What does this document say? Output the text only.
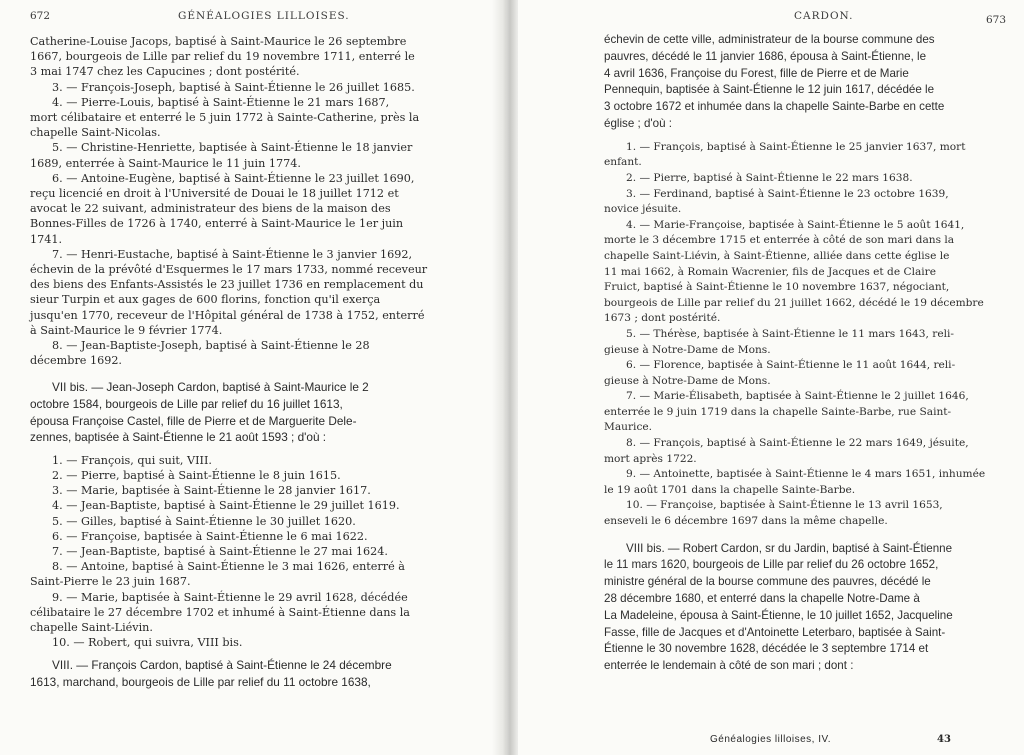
672	GÉNÉALOGIES LILLOISES.

Catherine-Louise Jacops, baptisé à Saint-Maurice le 26 septembre

1667, bourgeois de Lille par relief du 19 novembre 1711, enterré le

3 mai 1747 chez les Capucines ; dont postérité.

3. — François-Joseph, baptisé à Saint-Étienne le 26 juillet 1685.

4. — Pierre-Louis, baptisé à Saint-Étienne le 21 mars 1687,

mort célibataire et enterré le 5 juin 1772 à Sainte-Catherine, près la

chapelle Saint-Nicolas.

5. — Christine-Henriette, baptisée à Saint-Étienne le 18 janvier

1689, enterrée à Saint-Maurice le 11 juin 1774.

6. — Antoine-Eugène, baptisé à Saint-Étienne le 23 juillet 1690,

reçu licencié en droit à l'Université de Douai le 18 juillet 1712 et

avocat le 22 suivant, administrateur des biens de la maison des

Bonnes-Filles de 1726 à 1740, enterré à Saint-Maurice le 1er juin

1741.

7. — Henri-Eustache, baptisé à Saint-Étienne le 3 janvier 1692,

échevin de la prévôté d'Esquermes le 17 mars 1733, nommé receveur

des biens des Enfants-Assistés le 23 juillet 1736 en remplacement du

sieur Turpin et aux gages de 600 florins, fonction qu'il exerça

jusqu'en 1770, receveur de l'Hôpital général de 1738 à 1752, enterré

à Saint-Maurice le 9 février 1774.

8. — Jean-Baptiste-Joseph, baptisé à Saint-Étienne le 28

décembre 1692.

VII bis. — Jean-Joseph Cardon, baptisé à Saint-Maurice le 2

octobre 1584, bourgeois de Lille par relief du 16 juillet 1613,

épousa Françoise Castel, fille de Pierre et de Marguerite Dele-

zennes, baptisée à Saint-Étienne le 21 août 1593 ; d'où :

1. — François, qui suit, VIII.

2. — Pierre, baptisé à Saint-Étienne le 8 juin 1615.

3. — Marie, baptisée à Saint-Étienne le 28 janvier 1617.

4. — Jean-Baptiste, baptisé à Saint-Étienne le 29 juillet 1619.

5. — Gilles, baptisé à Saint-Étienne le 30 juillet 1620.

6. — Françoise, baptisée à Saint-Étienne le 6 mai 1622.

7. — Jean-Baptiste, baptisé à Saint-Étienne le 27 mai 1624.

8. — Antoine, baptisé à Saint-Étienne le 3 mai 1626, enterré à

Saint-Pierre le 23 juin 1687.

9. — Marie, baptisée à Saint-Étienne le 29 avril 1628, décédée

célibataire le 27 décembre 1702 et inhumé à Saint-Étienne dans la

chapelle Saint-Liévin.

10. — Robert, qui suivra, VIII bis.

VIII. — François Cardon, baptisé à Saint-Étienne le 24 décembre

1613, marchand, bourgeois de Lille par relief du 11 octobre 1638,

CARDON.	673

échevin de cette ville, administrateur de la bourse commune des

pauvres, décédé le 11 janvier 1686, épousa à Saint-Étienne, le

4 avril 1636, Françoise du Forest, fille de Pierre et de Marie

Pennequin, baptisée à Saint-Étienne le 12 juin 1617, décédée le

3 octobre 1672 et inhumée dans la chapelle Sainte-Barbe en cette

église ; d'où :

1. — François, baptisé à Saint-Étienne le 25 janvier 1637, mort

enfant.

2. — Pierre, baptisé à Saint-Étienne le 22 mars 1638.

3. — Ferdinand, baptisé à Saint-Étienne le 23 octobre 1639,

novice jésuite.

4. — Marie-Françoise, baptisée à Saint-Étienne le 5 août 1641,

morte le 3 décembre 1715 et enterrée à côté de son mari dans la

chapelle Saint-Liévin, à Saint-Étienne, alliée dans cette église le

11 mai 1662, à Romain Wacrenier, fils de Jacques et de Claire

Fruict, baptisé à Saint-Étienne le 10 novembre 1637, négociant,

bourgeois de Lille par relief du 21 juillet 1662, décédé le 19 décembre

1673 ; dont postérité.

5. — Thérèse, baptisée à Saint-Étienne le 11 mars 1643, reli-

gieuse à Notre-Dame de Mons.

6. — Florence, baptisée à Saint-Étienne le 11 août 1644, reli-

gieuse à Notre-Dame de Mons.

7. — Marie-Élisabeth, baptisée à Saint-Étienne le 2 juillet 1646,

enterrée le 9 juin 1719 dans la chapelle Sainte-Barbe, rue Saint-

Maurice.

8. — François, baptisé à Saint-Étienne le 22 mars 1649, jésuite,

mort après 1722.

9. — Antoinette, baptisée à Saint-Étienne le 4 mars 1651, inhumée

le 19 août 1701 dans la chapelle Sainte-Barbe.

10. — Françoise, baptisée à Saint-Étienne le 13 avril 1653,

enseveli le 6 décembre 1697 dans la même chapelle.

VIII bis. — Robert Cardon, sr du Jardin, baptisé à Saint-Étienne

le 11 mars 1620, bourgeois de Lille par relief du 26 octobre 1652,

ministre général de la bourse commune des pauvres, décédé le

28 décembre 1680, et enterré dans la chapelle Notre-Dame à

La Madeleine, épousa à Saint-Étienne, le 10 juillet 1652, Jacqueline

Fasse, fille de Jacques et d'Antoinette Leterbaro, baptisée à Saint-

Étienne le 30 novembre 1628, décédée le 3 septembre 1714 et

enterrée le lendemain à côté de son mari ; dont :

Généalogies lilloises, IV.	43
